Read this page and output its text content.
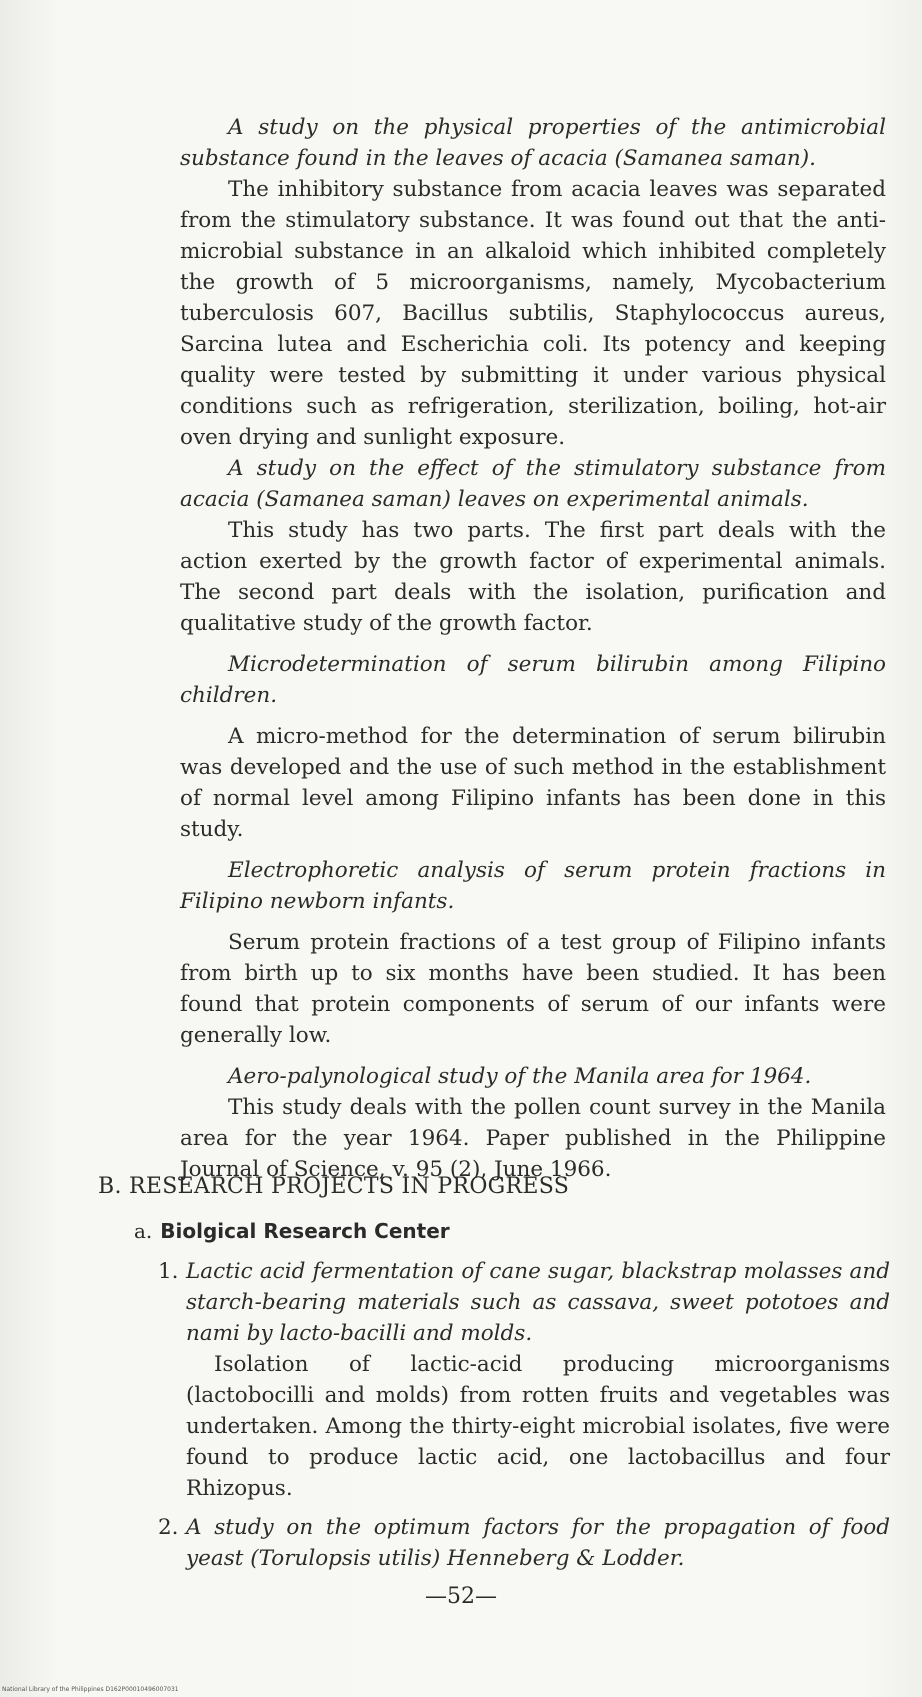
A study on the physical properties of the antimicrobial substance found in the leaves of acacia (Samanea saman).

The inhibitory substance from acacia leaves was separated from the stimulatory substance. It was found out that the anti-microbial substance in an alkaloid which inhibited completely the growth of 5 microorganisms, namely, Mycobacterium tuberculosis 607, Bacillus subtilis, Staphylococcus aureus, Sarcina lutea and Escherichia coli. Its potency and keeping quality were tested by submitting it under various physical conditions such as refrigeration, sterilization, boiling, hot-air oven drying and sunlight exposure.

A study on the effect of the stimulatory substance from acacia (Samanea saman) leaves on experimental animals.

This study has two parts. The first part deals with the action exerted by the growth factor of experimental animals. The second part deals with the isolation, purification and qualitative study of the growth factor.

Microdetermination of serum bilirubin among Filipino children.

A micro-method for the determination of serum bilirubin was developed and the use of such method in the establishment of normal level among Filipino infants has been done in this study.

Electrophoretic analysis of serum protein fractions in Filipino newborn infants.

Serum protein fractions of a test group of Filipino infants from birth up to six months have been studied. It has been found that protein components of serum of our infants were generally low.

Aero-palynological study of the Manila area for 1964.

This study deals with the pollen count survey in the Manila area for the year 1964. Paper published in the Philippine Journal of Science, v. 95 (2), June 1966.

B. RESEARCH PROJECTS IN PROGRESS

a. Biolgical Research Center

1. Lactic acid fermentation of cane sugar, blackstrap molasses and starch-bearing materials such as cassava, sweet pototoes and nami by lacto-bacilli and molds.

Isolation of lactic-acid producing microorganisms (lactobocilli and molds) from rotten fruits and vegetables was undertaken. Among the thirty-eight microbial isolates, five were found to produce lactic acid, one lactobacillus and four Rhizopus.

2. A study on the optimum factors for the propagation of food yeast (Torulopsis utilis) Henneberg & Lodder.

—52—

National Library of the Philippines D162P00010496007031
